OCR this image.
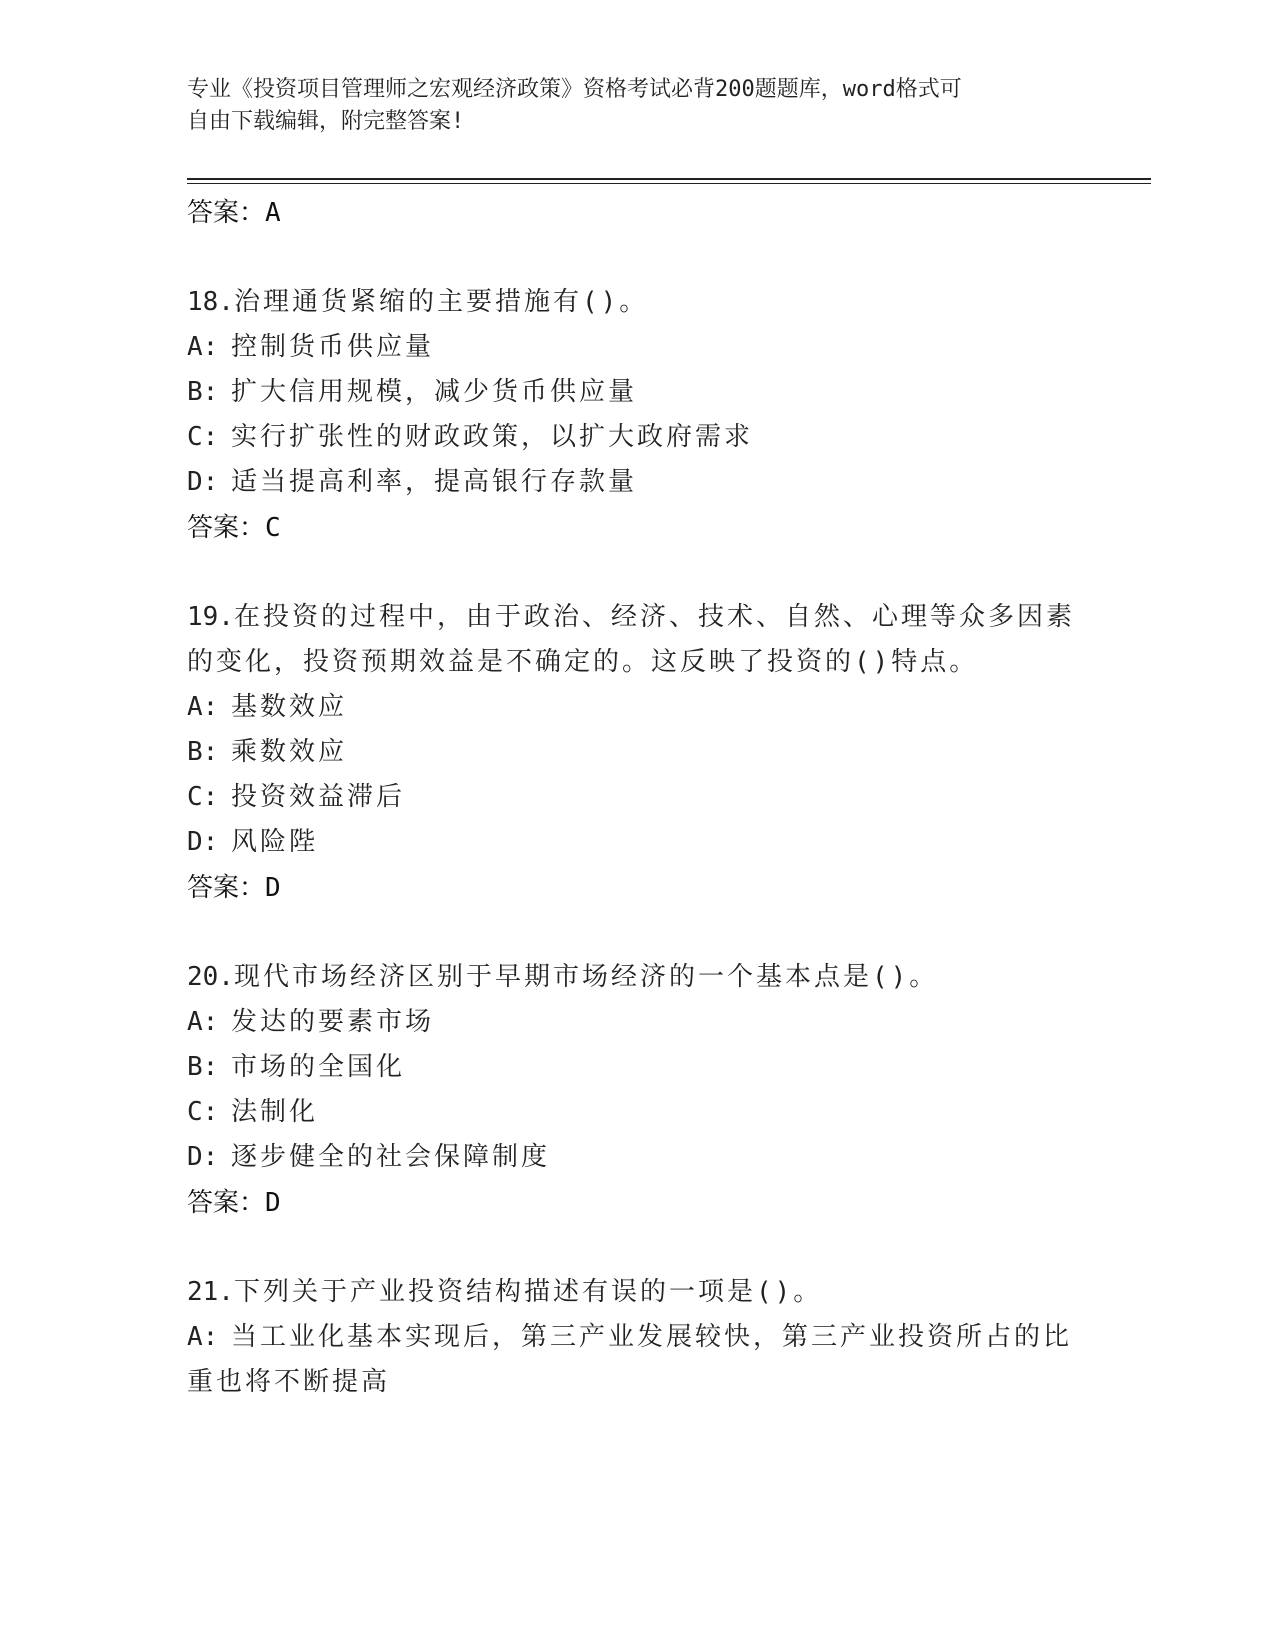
专业《投资项目管理师之宏观经济政策》资格考试必背200题题库，word格式可
自由下载编辑，附完整答案!
答案：A
18.治理通货紧缩的主要措施有()。
A: 控制货币供应量
B: 扩大信用规模，减少货币供应量
C: 实行扩张性的财政政策，以扩大政府需求
D: 适当提高利率，提高银行存款量
答案：C
19.在投资的过程中，由于政治、经济、技术、自然、心理等众多因素
的变化，投资预期效益是不确定的。这反映了投资的()特点。
A: 基数效应
B: 乘数效应
C: 投资效益滞后
D: 风险陛
答案：D
20.现代市场经济区别于早期市场经济的一个基本点是()。
A: 发达的要素市场
B: 市场的全国化
C: 法制化
D: 逐步健全的社会保障制度
答案：D
21.下列关于产业投资结构描述有误的一项是()。
A: 当工业化基本实现后，第三产业发展较快，第三产业投资所占的比
重也将不断提高
